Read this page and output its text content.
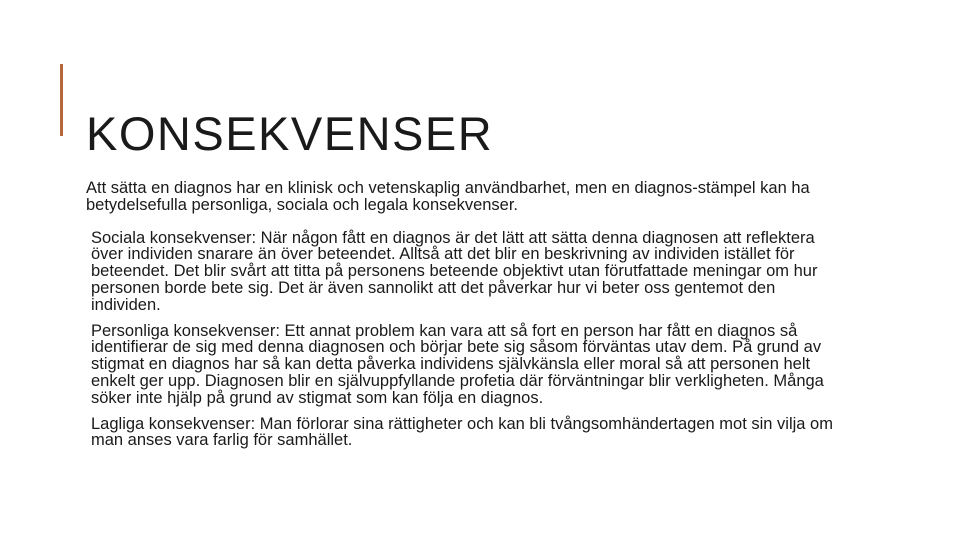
KONSEKVENSER

Att sätta en diagnos har en klinisk och vetenskaplig användbarhet, men en diagnos-stämpel kan ha betydelsefulla personliga, sociala och legala konsekvenser.

Sociala konsekvenser: När någon fått en diagnos är det lätt att sätta denna diagnosen att reflektera över individen snarare än över beteendet. Alltså att det blir en beskrivning av individen istället för beteendet. Det blir svårt att titta på personens beteende objektivt utan förutfattade meningar om hur personen borde bete sig. Det är även sannolikt att det påverkar hur vi beter oss gentemot den individen.

Personliga konsekvenser: Ett annat problem kan vara att så fort en person har fått en diagnos så identifierar de sig med denna diagnosen och börjar bete sig såsom förväntas utav dem. På grund av stigmat en diagnos har så kan detta påverka individens självkänsla eller moral så att personen helt enkelt ger upp. Diagnosen blir en självuppfyllande profetia där förväntningar blir verkligheten. Många söker inte hjälp på grund av stigmat som kan följa en diagnos.

Lagliga konsekvenser: Man förlorar sina rättigheter och kan bli tvångsomhändertagen mot sin vilja om man anses vara farlig för samhället.
